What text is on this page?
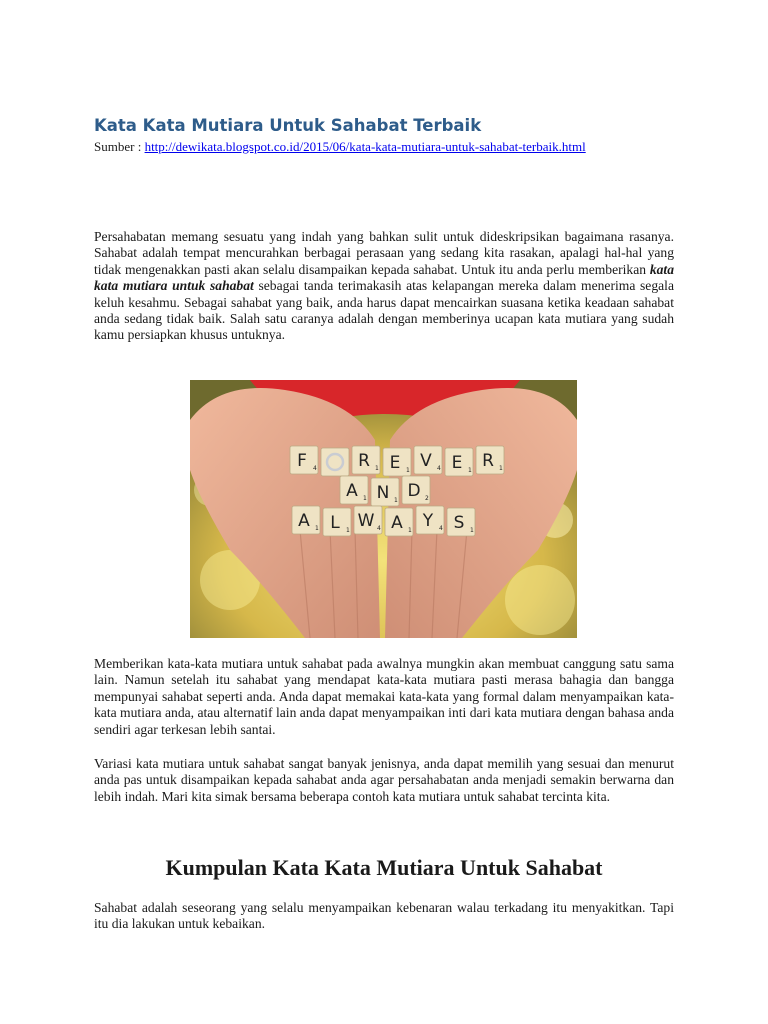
Kata Kata Mutiara Untuk Sahabat Terbaik
Sumber : http://dewikata.blogspot.co.id/2015/06/kata-kata-mutiara-untuk-sahabat-terbaik.html

Persahabatan memang sesuatu yang indah yang bahkan sulit untuk dideskripsikan bagaimana rasanya. Sahabat adalah tempat mencurahkan berbagai perasaan yang sedang kita rasakan, apalagi hal-hal yang tidak mengenakkan pasti akan selalu disampaikan kepada sahabat. Untuk itu anda perlu memberikan kata kata mutiara untuk sahabat sebagai tanda terimakasih atas kelapangan mereka dalam menerima segala keluh kesahmu. Sebagai sahabat yang baik, anda harus dapat mencairkan suasana ketika keadaan sahabat anda sedang tidak baik. Salah satu caranya adalah dengan memberinya ucapan kata mutiara yang sudah kamu persiapkan khusus untuknya.

Memberikan kata-kata mutiara untuk sahabat pada awalnya mungkin akan membuat canggung satu sama lain. Namun setelah itu sahabat yang mendapat kata-kata mutiara pasti merasa bahagia dan bangga mempunyai sahabat seperti anda. Anda dapat memakai kata-kata yang formal dalam menyampaikan kata-kata mutiara anda, atau alternatif lain anda dapat menyampaikan inti dari kata mutiara dengan bahasa anda sendiri agar terkesan lebih santai.

Variasi kata mutiara untuk sahabat sangat banyak jenisnya, anda dapat memilih yang sesuai dan menurut anda pas untuk disampaikan kepada sahabat anda agar persahabatan anda menjadi semakin berwarna dan lebih indah. Mari kita simak bersama beberapa contoh kata mutiara untuk sahabat tercinta kita.

Kumpulan Kata Kata Mutiara Untuk Sahabat

Sahabat adalah seseorang yang selalu menyampaikan kebenaran walau terkadang itu menyakitkan. Tapi itu dia lakukan untuk kebaikan.

F 4 R 1 E 1 V 4 E 1 R 1
A 1 N 1 D 2
A 1 L 1 W 4 A 1 Y 4 S 1
